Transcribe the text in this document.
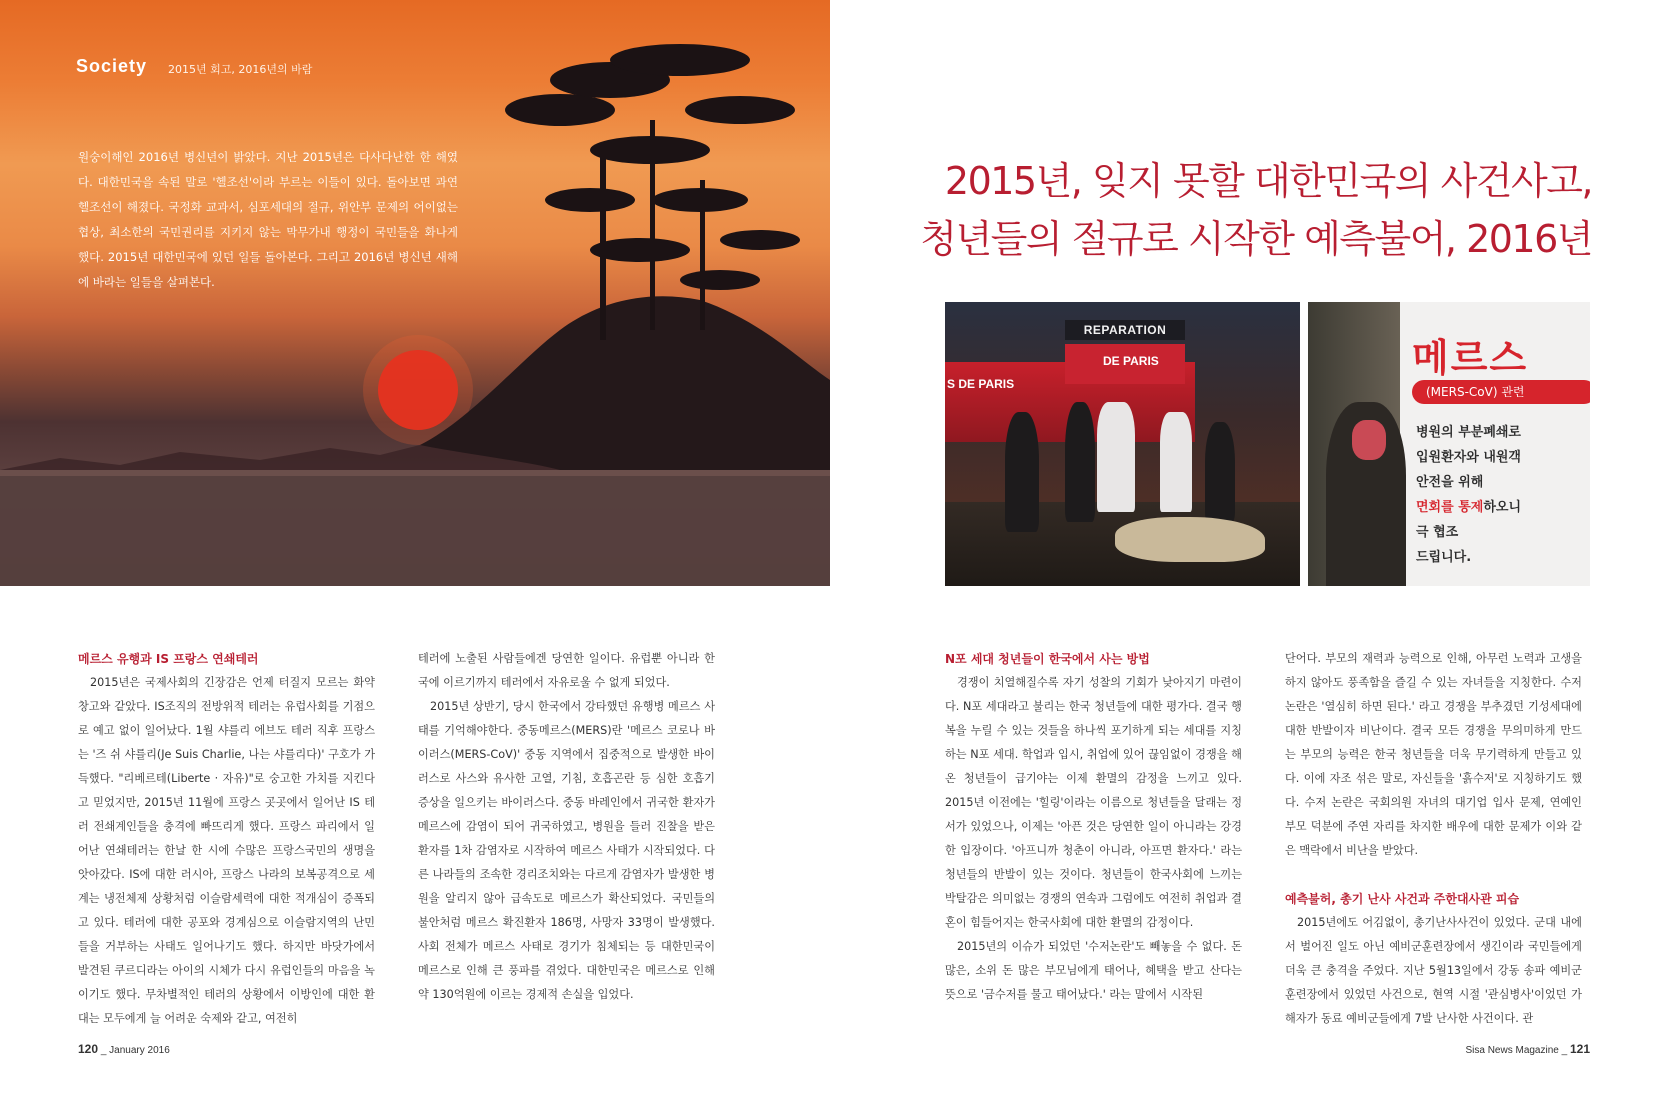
Society 2015년 회고, 2016년의 바람
원숭이해인 2016년 병신년이 밝았다. 지난 2015년은 다사다난한 한 해였다. 대한민국을 속된 말로 '헬조선'이라 부르는 이들이 있다. 돌아보면 과연 헬조선이 해졌다. 국정화 교과서, 심포세대의 절규, 위안부 문제의 어이없는 협상, 최소한의 국민권리를 지키지 않는 막무가내 행정이 국민들을 화나게 했다. 2015년 대한민국에 있던 일들 돌아본다. 그리고 2016년 병신년 새해에 바라는 일들을 살펴본다.
메르스 유행과 IS 프랑스 연쇄테러
2015년은 국제사회의 긴장감은 언제 터질지 모르는 화약창고와 같았다. IS조직의 전방위적 테러는 유럽사회를 기점으로 예고 없이 일어났다. 1월 샤를리 에브도 테러 직후 프랑스는 '즈 쉬 샤를리(Je Suis Charlie, 나는 샤를리다)' 구호가 가득했다. "리베르테(Liberte · 자유)"로 숭고한 가치를 지킨다고 믿었지만, 2015년 11월에 프랑스 곳곳에서 일어난 IS 테러 전쇄계인들을 충격에 빠뜨리게 했다. 프랑스 파리에서 일어난 연쇄테러는 한날 한 시에 수많은 프랑스국민의 생명을 앗아갔다. IS에 대한 러시아, 프랑스 나라의 보복공격으로 세계는 냉전체제 상황처럼 이슬람세력에 대한 적개심이 증폭되고 있다. 테러에 대한 공포와 경계심으로 이슬람지역의 난민들을 거부하는 사태도 일어나기도 했다. 하지만 바닷가에서 발견된 쿠르디라는 아이의 시체가 다시 유럽인들의 마음을 녹이기도 했다. 무차별적인 테러의 상황에서 이방인에 대한 환대는 모두에게 늘 어려운 숙제와 같고, 여전히
테러에 노출된 사람들에겐 당연한 일이다. 유럽뿐 아니라 한국에 이르기까지 테러에서 자유로울 수 없게 되었다.
2015년 상반기, 당시 한국에서 강타했던 유행병 메르스 사태를 기억해야한다. 중동메르스(MERS)란 '메르스 코로나 바이러스(MERS-CoV)' 중동 지역에서 집중적으로 발생한 바이러스로 사스와 유사한 고열, 기침, 호흡곤란 등 심한 호흡기 증상을 일으키는 바이러스다. 중동 바레인에서 귀국한 환자가 메르스에 감염이 되어 귀국하였고, 병원을 들러 진찰을 받은 환자를 1차 감염자로 시작하여 메르스 사태가 시작되었다. 다른 나라들의 조속한 경리조치와는 다르게 감염자가 발생한 병원을 알리지 않아 급속도로 메르스가 확산되었다. 국민들의 불안처럼 메르스 확진환자 186명, 사망자 33명이 발생했다. 사회 전체가 메르스 사태로 경기가 침체되는 등 대한민국이 메르스로 인해 큰 풍파를 겪었다. 대한민국은 메르스로 인해 약 130억원에 이르는 경제적 손실을 입었다.
120 _ January 2016
2015년, 잊지 못할 대한민국의 사건사고,
청년들의 절규로 시작한 예측불어, 2016년
REPARATION
DE PARIS
S DE PARIS
메르스
(MERS-CoV) 관련
병원의 부분폐쇄로
입원환자와 내원객
안전을 위해
면회를 통제하오니
극 협조
드립니다.
N포 세대 청년들이 한국에서 사는 방법
경쟁이 치열해질수록 자기 성찰의 기회가 낮아지기 마련이다. N포 세대라고 불리는 한국 청년들에 대한 평가다. 결국 행복을 누릴 수 있는 것들을 하나씩 포기하게 되는 세대를 지칭하는 N포 세대. 학업과 입시, 취업에 있어 끊임없이 경쟁을 해온 청년들이 급기야는 이제 환멸의 감정을 느끼고 있다. 2015년 이전에는 '힐링'이라는 이름으로 청년들을 달래는 정서가 있었으나, 이제는 '아픈 것은 당연한 일이 아니라는 강경한 입장이다. '아프니까 청춘이 아니라, 아프면 환자다.' 라는 청년들의 반발이 있는 것이다. 청년들이 한국사회에 느끼는 박탈감은 의미없는 경쟁의 연속과 그럼에도 여전히 취업과 결혼이 힘들어지는 한국사회에 대한 환멸의 감정이다.
2015년의 이슈가 되었던 '수저논란'도 빼놓을 수 없다. 돈 많은, 소위 돈 많은 부모님에게 태어나, 혜택을 받고 산다는 뜻으로 '금수저를 물고 태어났다.' 라는 말에서 시작된
단어다. 부모의 재력과 능력으로 인해, 아무런 노력과 고생을 하지 않아도 풍족함을 즐길 수 있는 자녀들을 지칭한다. 수저논란은 '열심히 하면 된다.' 라고 경쟁을 부추겼던 기성세대에 대한 반발이자 비난이다. 결국 모든 경쟁을 무의미하게 만드는 부모의 능력은 한국 청년들을 더욱 무기력하게 만들고 있다. 이에 자조 섞은 말로, 자신들을 '흙수저'로 지칭하기도 했다. 수저 논란은 국회의원 자녀의 대기업 입사 문제, 연예인 부모 덕분에 주연 자리를 차지한 배우에 대한 문제가 이와 같은 맥락에서 비난을 받았다.
예측불허, 총기 난사 사건과 주한대사관 피습
2015년에도 어김없이, 총기난사사건이 있었다. 군대 내에서 벌어진 일도 아닌 예비군훈련장에서 생긴이라 국민들에게 더욱 큰 충격을 주었다. 지난 5월13일에서 강동 송파 예비군 훈련장에서 있었던 사건으로, 현역 시절 '관심병사'이었던 가해자가 동료 예비군들에게 7발 난사한 사건이다. 관
Sisa News Magazine _ 121
